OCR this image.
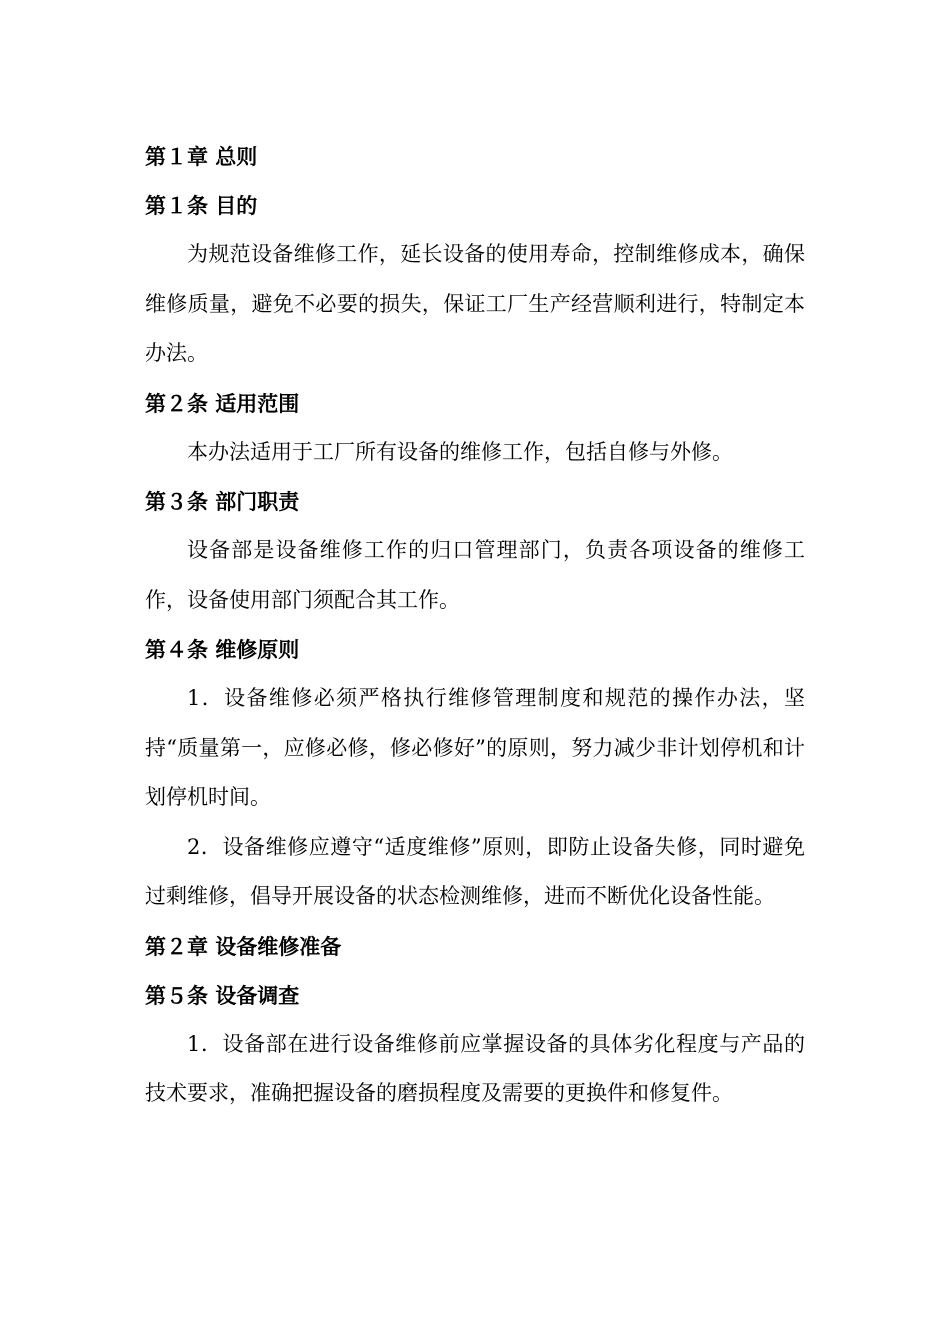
第１章 总则
第１条 目的

为规范设备维修工作，延长设备的使用寿命，控制维修成本，确保维修质量，避免不必要的损失，保证工厂生产经营顺利进行，特制定本办法。

第２条 适用范围

本办法适用于工厂所有设备的维修工作，包括自修与外修。

第３条 部门职责

设备部是设备维修工作的归口管理部门，负责各项设备的维修工作，设备使用部门须配合其工作。

第４条 维修原则

1．设备维修必须严格执行维修管理制度和规范的操作办法，坚持“质量第一，应修必修，修必修好”的原则，努力减少非计划停机和计划停机时间。

2．设备维修应遵守“适度维修”原则，即防止设备失修，同时避免过剩维修，倡导开展设备的状态检测维修，进而不断优化设备性能。

第２章 设备维修准备
第５条 设备调查

1．设备部在进行设备维修前应掌握设备的具体劣化程度与产品的技术要求，准确把握设备的磨损程度及需要的更换件和修复件。
